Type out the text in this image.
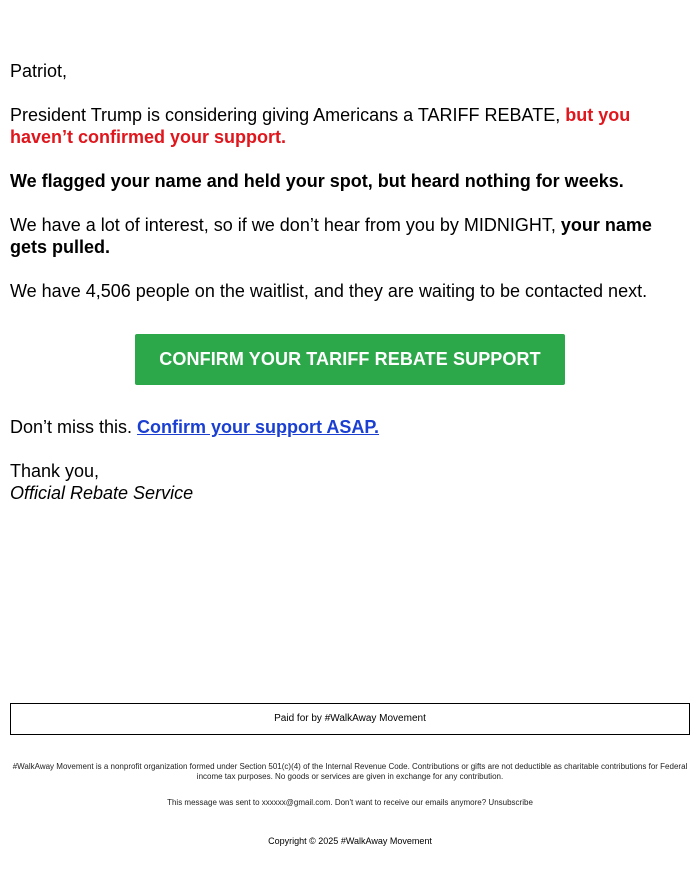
Patriot,

President Trump is considering giving Americans a TARIFF REBATE, but you haven’t confirmed your support.

We flagged your name and held your spot, but heard nothing for weeks.

We have a lot of interest, so if we don’t hear from you by MIDNIGHT, your name gets pulled.

We have 4,506 people on the waitlist, and they are waiting to be contacted next.

CONFIRM YOUR TARIFF REBATE SUPPORT

Don’t miss this. Confirm your support ASAP.

Thank you,

Official Rebate Service

Paid for by #WalkAway Movement
#WalkAway Movement is a nonprofit organization formed under Section 501(c)(4) of the Internal Revenue Code. Contributions or gifts are not deductible as charitable contributions for Federal income tax purposes. No goods or services are given in exchange for any contribution.
This message was sent to xxxxxx@gmail.com. Don't want to receive our emails anymore? Unsubscribe
Copyright © 2025 #WalkAway Movement
